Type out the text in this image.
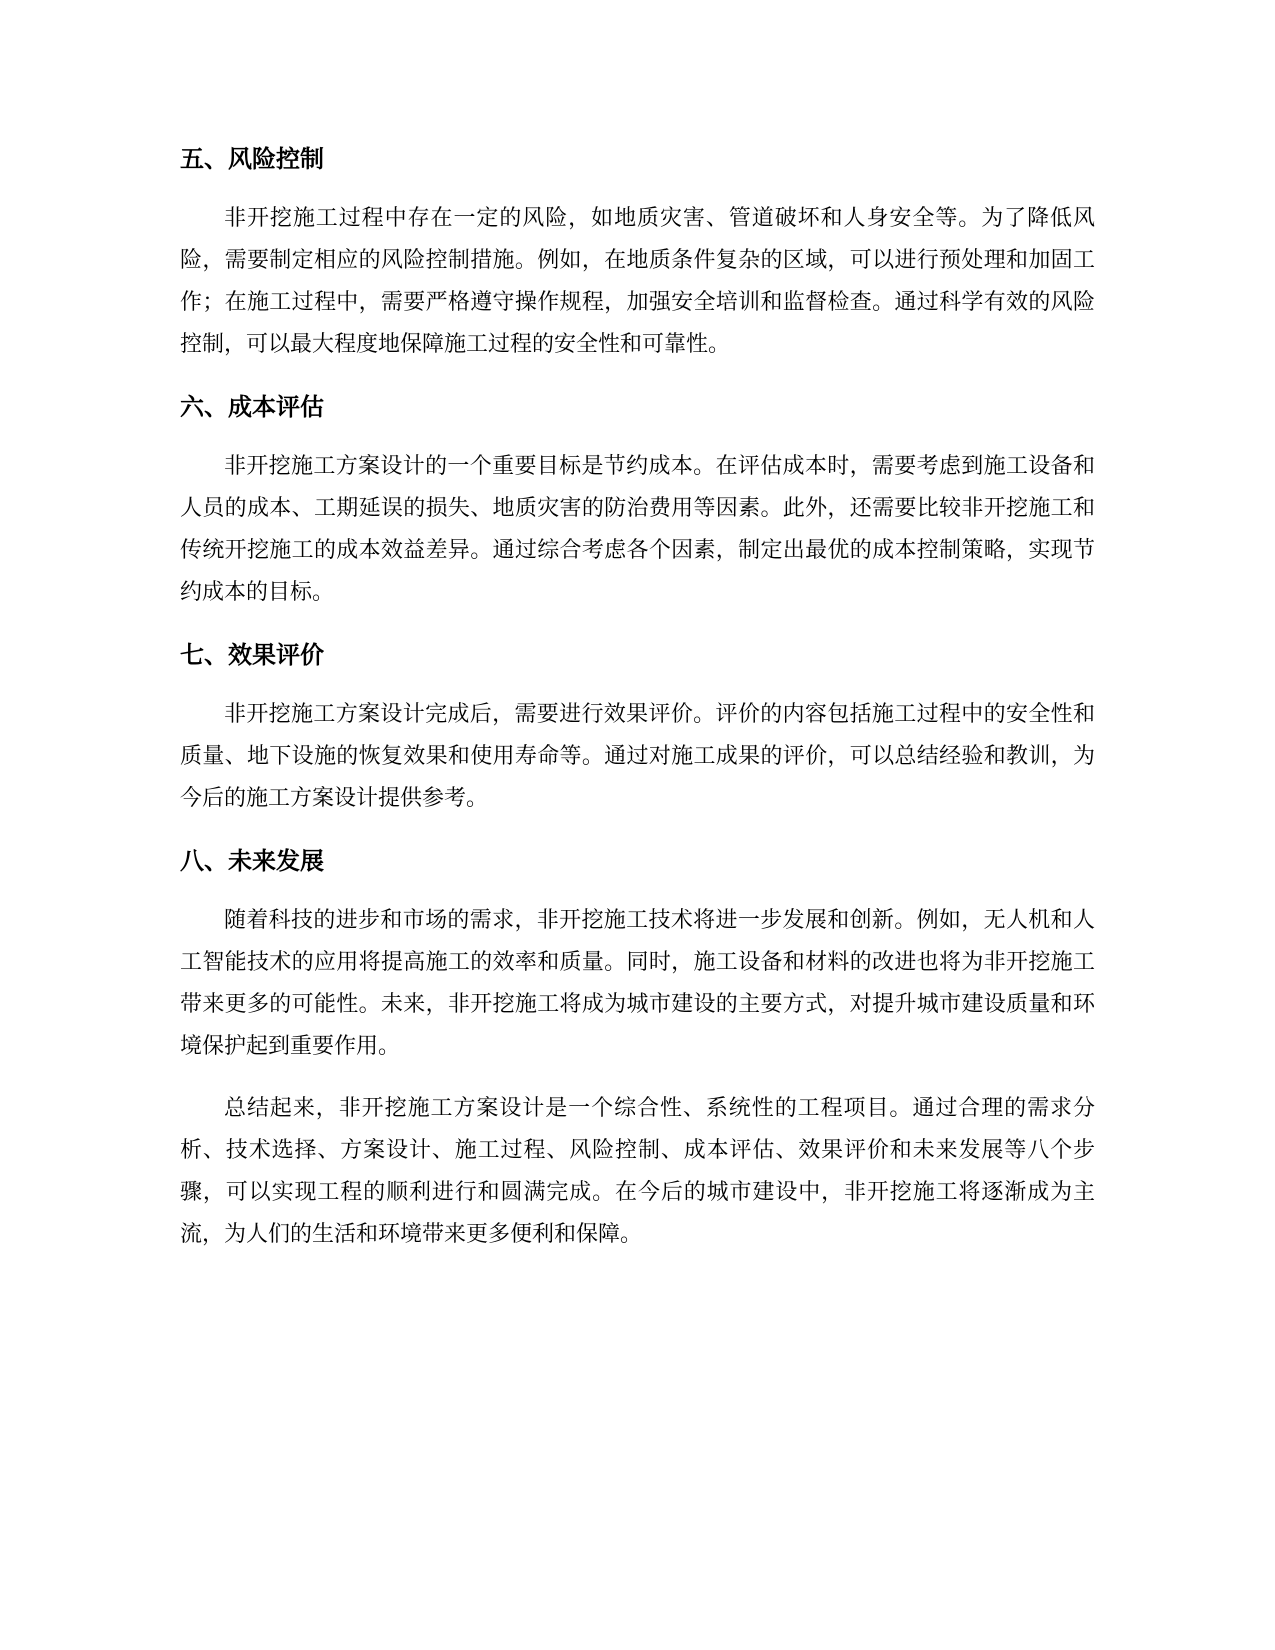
五、风险控制

非开挖施工过程中存在一定的风险，如地质灾害、管道破坏和人身安全等。为了降低风险，需要制定相应的风险控制措施。例如，在地质条件复杂的区域，可以进行预处理和加固工作；在施工过程中，需要严格遵守操作规程，加强安全培训和监督检查。通过科学有效的风险控制，可以最大程度地保障施工过程的安全性和可靠性。

六、成本评估

非开挖施工方案设计的一个重要目标是节约成本。在评估成本时，需要考虑到施工设备和人员的成本、工期延误的损失、地质灾害的防治费用等因素。此外，还需要比较非开挖施工和传统开挖施工的成本效益差异。通过综合考虑各个因素，制定出最优的成本控制策略，实现节约成本的目标。

七、效果评价

非开挖施工方案设计完成后，需要进行效果评价。评价的内容包括施工过程中的安全性和质量、地下设施的恢复效果和使用寿命等。通过对施工成果的评价，可以总结经验和教训，为今后的施工方案设计提供参考。

八、未来发展

随着科技的进步和市场的需求，非开挖施工技术将进一步发展和创新。例如，无人机和人工智能技术的应用将提高施工的效率和质量。同时，施工设备和材料的改进也将为非开挖施工带来更多的可能性。未来，非开挖施工将成为城市建设的主要方式，对提升城市建设质量和环境保护起到重要作用。

总结起来，非开挖施工方案设计是一个综合性、系统性的工程项目。通过合理的需求分析、技术选择、方案设计、施工过程、风险控制、成本评估、效果评价和未来发展等八个步骤，可以实现工程的顺利进行和圆满完成。在今后的城市建设中，非开挖施工将逐渐成为主流，为人们的生活和环境带来更多便利和保障。
